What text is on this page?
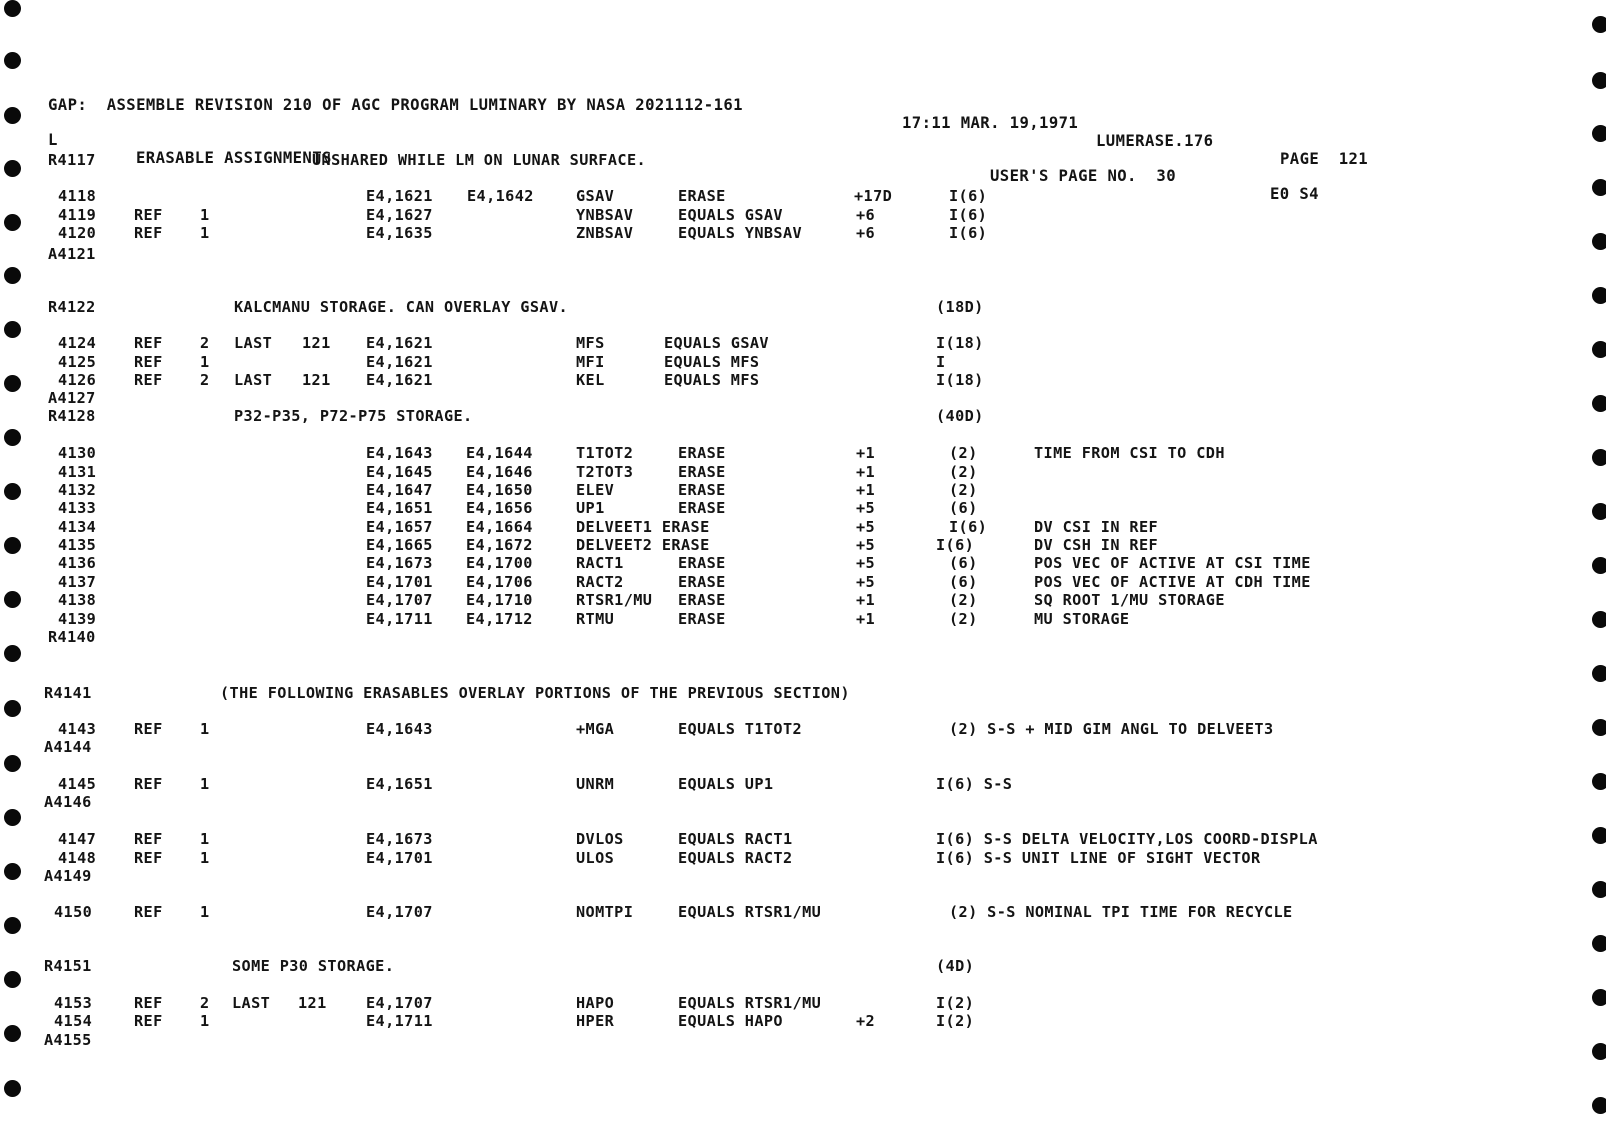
GAP:  ASSEMBLE REVISION 210 OF AGC PROGRAM LUMINARY BY NASA 2021112-161

17:11 MAR. 19,1971

LUMERASE.176

PAGE  121

L

ERASABLE ASSIGNMENTS

USER'S PAGE NO.  30

E0 S4

R4117	UNSHARED WHILE LM ON LUNAR SURFACE.
4118	E4,1621 E4,1642	GSAV	ERASE	+17D	I(6)
4119 REF 1	E4,1627	YNBSAV	EQUALS GSAV	+6	I(6)
4120 REF 1	E4,1635	ZNBSAV	EQUALS YNBSAV	+6	I(6)
A4121
R4122	KALCMANU STORAGE. CAN OVERLAY GSAV.	(18D)
4124 REF 2 LAST 121 E4,1621	MFS	EQUALS GSAV	I(18)
4125 REF 1	E4,1621	MFI	EQUALS MFS	I
4126 REF 2 LAST 121 E4,1621	KEL	EQUALS MFS	I(18)
A4127
R4128	P32-P35, P72-P75 STORAGE.	(40D)
4130	E4,1643 E4,1644	T1TOT2	ERASE	+1	(2)	TIME FROM CSI TO CDH
4131	E4,1645 E4,1646	T2TOT3	ERASE	+1	(2)
4132	E4,1647 E4,1650	ELEV	ERASE	+1	(2)
4133	E4,1651 E4,1656	UP1	ERASE	+5	(6)
4134	E4,1657 E4,1664	DELVEET1 ERASE	+5	I(6)	DV CSI IN REF
4135	E4,1665 E4,1672	DELVEET2 ERASE	+5	I(6)	DV CSH IN REF
4136	E4,1673 E4,1700	RACT1	ERASE	+5	(6)	POS VEC OF ACTIVE AT CSI TIME
4137	E4,1701 E4,1706	RACT2	ERASE	+5	(6)	POS VEC OF ACTIVE AT CDH TIME
4138	E4,1707 E4,1710	RTSR1/MU ERASE	+1	(2)	SQ ROOT 1/MU STORAGE
4139	E4,1711 E4,1712	RTMU	ERASE	+1	(2)	MU STORAGE
R4140
R4141	(THE FOLLOWING ERASABLES OVERLAY PORTIONS OF THE PREVIOUS SECTION)
4143 REF 1	E4,1643	+MGA	EQUALS T1TOT2	(2) S-S + MID GIM ANGL TO DELVEET3
A4144
4145 REF 1	E4,1651	UNRM	EQUALS UP1	I(6) S-S
A4146
4147 REF 1	E4,1673	DVLOS	EQUALS RACT1	I(6) S-S DELTA VELOCITY,LOS COORD-DISPLA
4148 REF 1	E4,1701	ULOS	EQUALS RACT2	I(6) S-S UNIT LINE OF SIGHT VECTOR
A4149
4150	REF 1	E4,1707	NOMTPI	EQUALS RTSR1/MU	(2) S-S NOMINAL TPI TIME FOR RECYCLE
R4151	SOME P30 STORAGE.	(4D)
4153	REF 2 LAST 121	E4,1707	HAPO	EQUALS RTSR1/MU	I(2)
4154	REF 1	E4,1711	HPER	EQUALS HAPO	+2	I(2)
A4155
